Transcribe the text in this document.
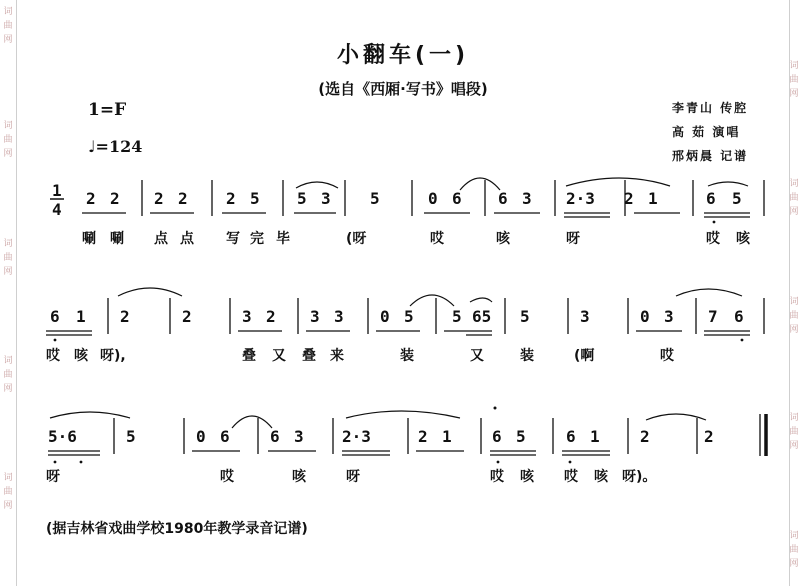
词
曲
网
词
曲
网
词
曲
网
词
曲
网
词
曲
网
词
曲
网
词
曲
网
词
曲
网
词
曲
网
词
曲
网
小翻车(一)
(选自《西厢·写书》唱段)
1=F
♩=124
李青山 传腔
高 茹 演唱
邢炳晨 记谱
1
4
2 2 2 2 2 5 5 3 5	0 6 6 3 2·3 2 1	6 5
唰 唰 点 点 写 完 毕	(呀	哎	咳	呀	哎 咳
6 1 2	2	3 2 3 3 0 5 5 65 5	3	0 3 7 6
哎 咳 呀),	叠 又 叠 来	装	又	装	(啊	哎
5·6	5	0 6	6 3 2·3	2 1	6 5	6 1	2	2
呀	哎	咳	呀	哎 咳 哎 咳 呀)。
(据吉林省戏曲学校1980年教学录音记谱)
